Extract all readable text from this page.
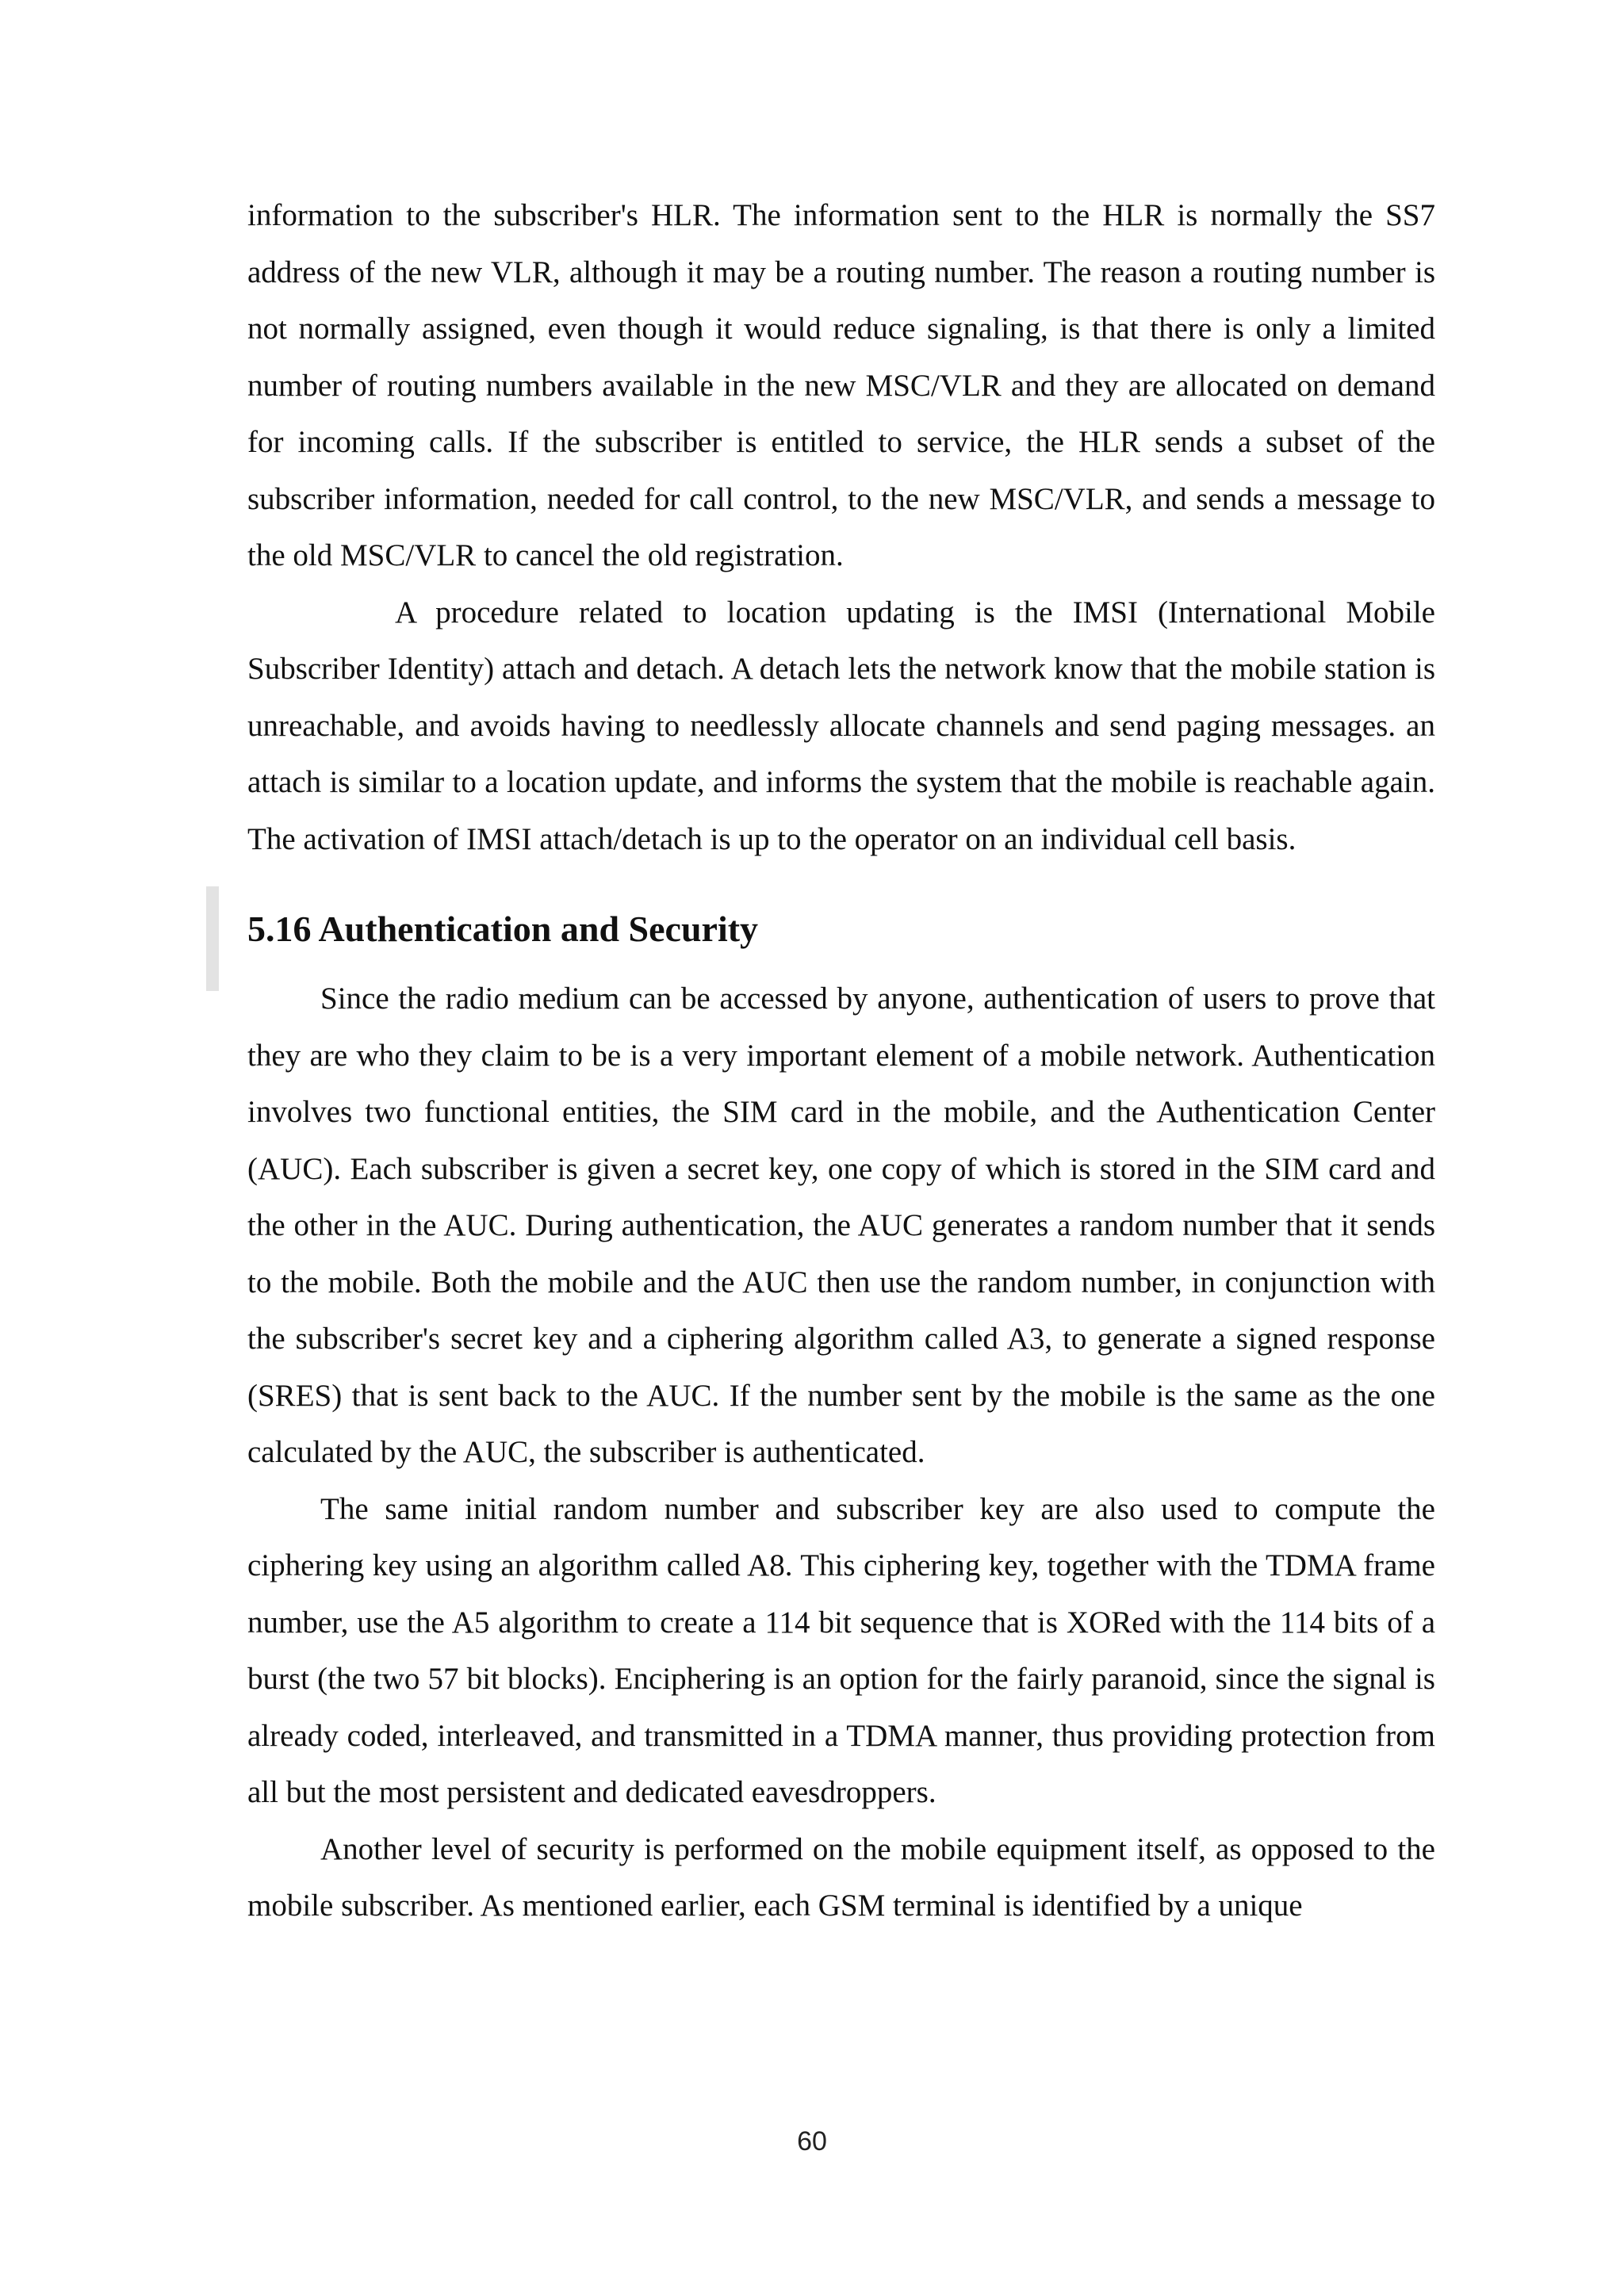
information to the subscriber's HLR. The information sent to the HLR is normally the SS7 address of the new VLR, although it may be a routing number. The reason a routing number is not normally assigned, even though it would reduce signaling, is that there is only a limited number of routing numbers available in the new MSC/VLR and they are allocated on demand for incoming calls. If the subscriber is entitled to service, the HLR sends a subset of the subscriber information, needed for call control, to the new MSC/VLR, and sends a message to the old MSC/VLR to cancel the old registration.

A procedure related to location updating is the IMSI (International Mobile Subscriber Identity) attach and detach. A detach lets the network know that the mobile station is unreachable, and avoids having to needlessly allocate channels and send paging messages. an attach is similar to a location update, and informs the system that the mobile is reachable again. The activation of IMSI attach/detach is up to the operator on an individual cell basis.

5.16 Authentication and Security

Since the radio medium can be accessed by anyone, authentication of users to prove that they are who they claim to be is a very important element of a mobile network. Authentication involves two functional entities, the SIM card in the mobile, and the Authentication Center (AUC). Each subscriber is given a secret key, one copy of which is stored in the SIM card and the other in the AUC. During authentication, the AUC generates a random number that it sends to the mobile. Both the mobile and the AUC then use the random number, in conjunction with the subscriber's secret key and a ciphering algorithm called A3, to generate a signed response (SRES) that is sent back to the AUC. If the number sent by the mobile is the same as the one calculated by the AUC, the subscriber is authenticated.

The same initial random number and subscriber key are also used to compute the ciphering key using an algorithm called A8. This ciphering key, together with the TDMA frame number, use the A5 algorithm to create a 114 bit sequence that is XORed with the 114 bits of a burst (the two 57 bit blocks). Enciphering is an option for the fairly paranoid, since the signal is already coded, interleaved, and transmitted in a TDMA manner, thus providing protection from all but the most persistent and dedicated eavesdroppers.

Another level of security is performed on the mobile equipment itself, as opposed to the mobile subscriber. As mentioned earlier, each GSM terminal is identified by a unique

60
